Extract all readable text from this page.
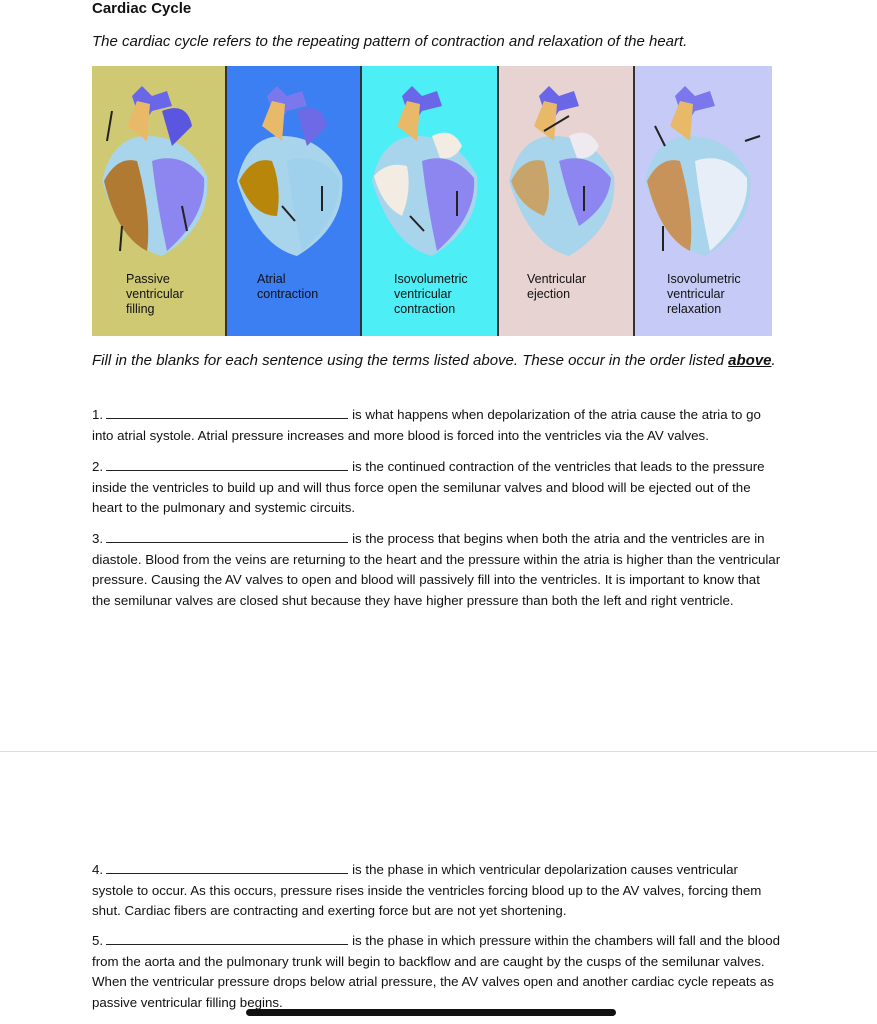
Cardiac Cycle
The cardiac cycle refers to the repeating pattern of contraction and relaxation of the heart.
Passive
ventricular
filling
Atrial
contraction
Isovolumetric
ventricular
contraction
Ventricular
ejection
Isovolumetric
ventricular
relaxation
Fill in the blanks for each sentence using the terms listed above. These occur in the order listed above.
1.	is what happens when depolarization of the atria cause the atria to go into atrial systole. Atrial pressure increases and more blood is forced into the ventricles via the AV valves.
2.	is the continued contraction of the ventricles that leads to the pressure inside the ventricles to build up and will thus force open the semilunar valves and blood will be ejected out of the heart to the pulmonary and systemic circuits.
3.	is the process that begins when both the atria and the ventricles are in diastole. Blood from the veins are returning to the heart and the pressure within the atria is higher than the ventricular pressure. Causing the AV valves to open and blood will passively fill into the ventricles. It is important to know that the semilunar valves are closed shut because they have higher pressure than both the left and right ventricle.
4.	is the phase in which ventricular depolarization causes ventricular systole to occur. As this occurs, pressure rises inside the ventricles forcing blood up to the AV valves, forcing them shut. Cardiac fibers are contracting and exerting force but are not yet shortening.
5.	is the phase in which pressure within the chambers will fall and the blood from the aorta and the pulmonary trunk will begin to backflow and are caught by the cusps of the semilunar valves. When the ventricular pressure drops below atrial pressure, the AV valves open and another cardiac cycle repeats as passive ventricular filling begins.
